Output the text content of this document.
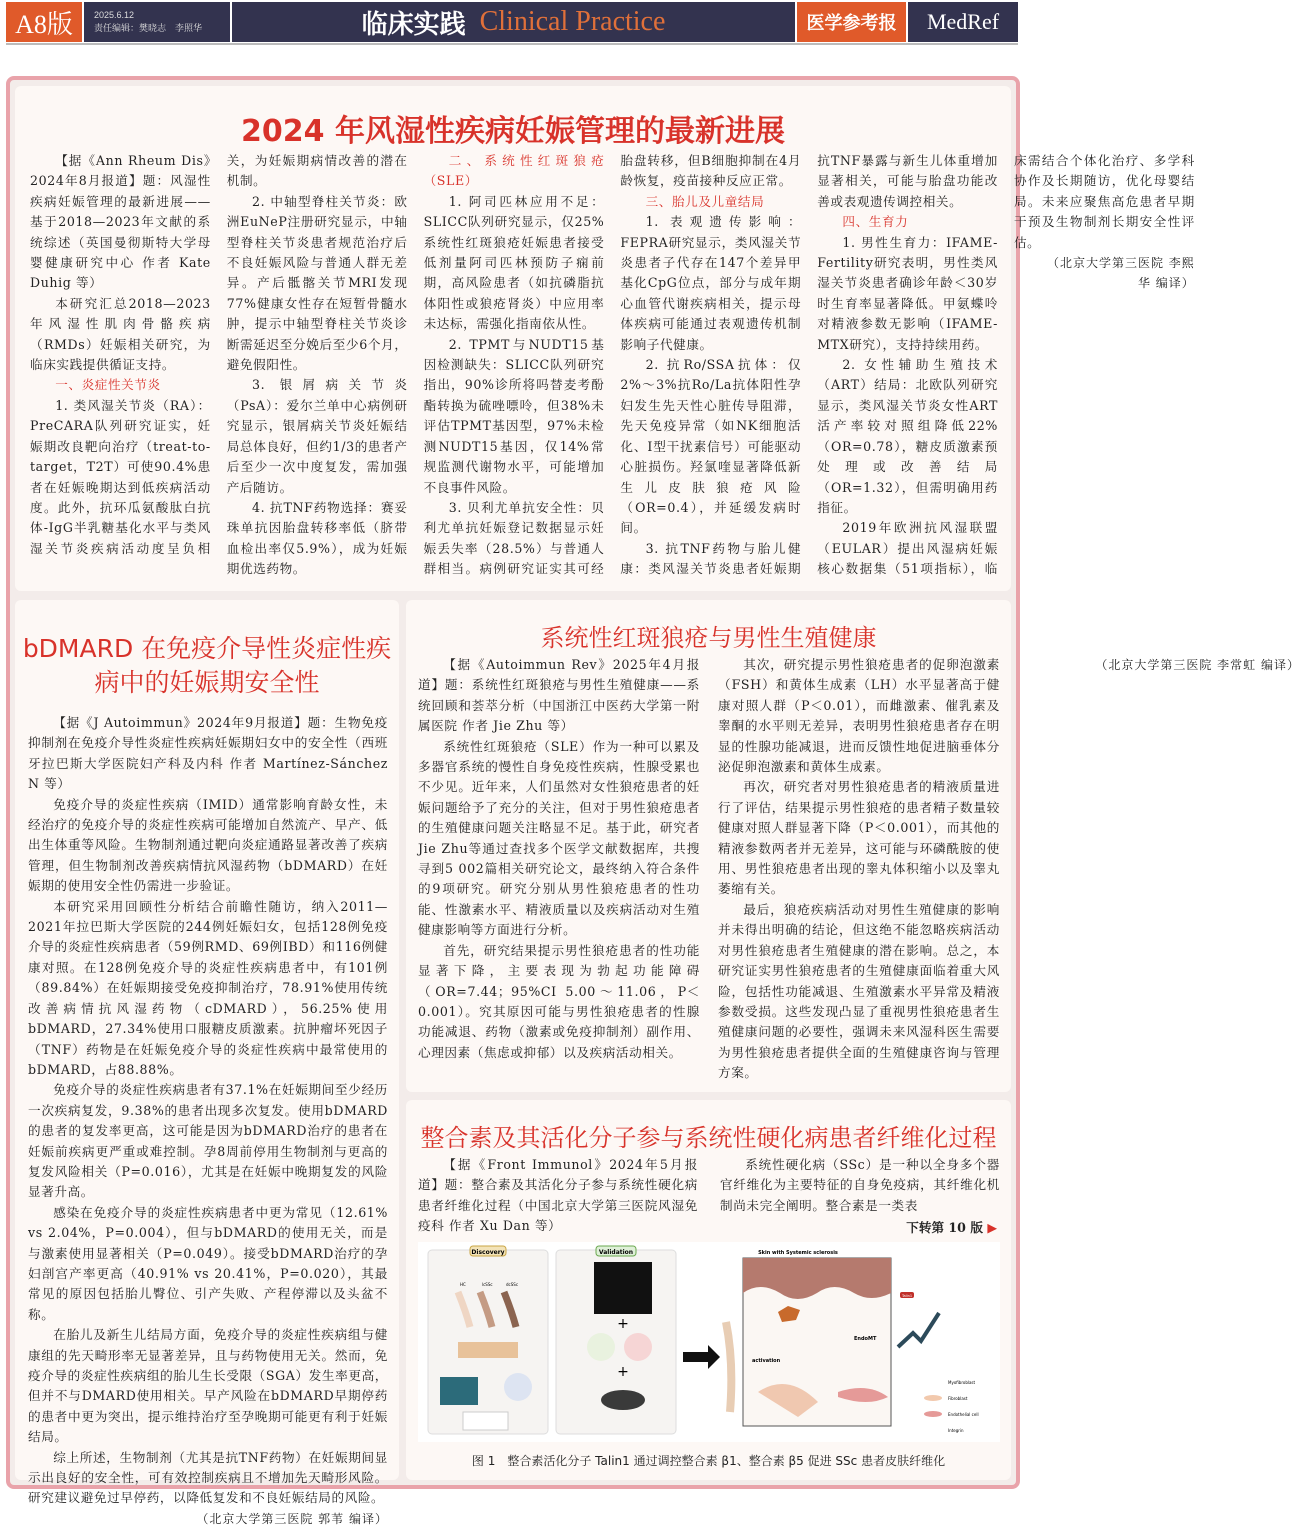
A8版	2025.6.12
责任编辑：樊晓志　李照华	临床实践 Clinical Practice	医学参考报	MedRef
2024 年风湿性疾病妊娠管理的最新进展

【据《Ann Rheum Dis》2024年8月报道】题：风湿性疾病妊娠管理的最新进展——基于2018—2023年文献的系统综述（英国曼彻斯特大学母婴健康研究中心 作者 Kate Duhig 等）

本研究汇总2018—2023年风湿性肌肉骨骼疾病（RMDs）妊娠相关研究，为临床实践提供循证支持。

一、炎症性关节炎

1. 类风湿关节炎（RA）：PreCARA队列研究证实，妊娠期改良靶向治疗（treat-to-target，T2T）可使90.4%患者在妊娠晚期达到低疾病活动度。此外，抗环瓜氨酸肽白抗体-IgG半乳糖基化水平与类风湿关节炎疾病活动度呈负相关，为妊娠期病情改善的潜在机制。

2. 中轴型脊柱关节炎：欧洲EuNeP注册研究显示，中轴型脊柱关节炎患者规范治疗后不良妊娠风险与普通人群无差异。产后骶髂关节MRI发现77%健康女性存在短暂骨髓水肿，提示中轴型脊柱关节炎诊断需延迟至分娩后至少6个月，避免假阳性。

3. 银屑病关节炎（PsA）：爱尔兰单中心病例研究显示，银屑病关节炎妊娠结局总体良好，但约1/3的患者产后至少一次中度复发，需加强产后随访。

4. 抗TNF药物选择：赛妥珠单抗因胎盘转移率低（脐带血检出率仅5.9%），成为妊娠期优选药物。

二、系统性红斑狼疮（SLE）

1. 阿司匹林应用不足：SLICC队列研究显示，仅25%系统性红斑狼疮妊娠患者接受低剂量阿司匹林预防子痫前期，高风险患者（如抗磷脂抗体阳性或狼疮肾炎）中应用率未达标，需强化指南依从性。

2. TPMT与NUDT15基因检测缺失：SLICC队列研究指出，90%诊所将吗替麦考酚酯转换为硫唑嘌呤，但38%未评估TPMT基因型，97%未检测NUDT15基因，仅14%常规监测代谢物水平，可能增加不良事件风险。

3. 贝利尤单抗安全性：贝利尤单抗妊娠登记数据显示妊娠丢失率（28.5%）与普通人群相当。病例研究证实其可经胎盘转移，但B细胞抑制在4月龄恢复，疫苗接种反应正常。

三、胎儿及儿童结局

1. 表观遗传影响：FEPRA研究显示，类风湿关节炎患者子代存在147个差异甲基化CpG位点，部分与成年期心血管代谢疾病相关，提示母体疾病可能通过表观遗传机制影响子代健康。

2. 抗Ro/SSA抗体：仅2%～3%抗Ro/La抗体阳性孕妇发生先天性心脏传导阻滞，先天免疫异常（如NK细胞活化、I型干扰素信号）可能驱动心脏损伤。羟氯喹显著降低新生儿皮肤狼疮风险（OR=0.4），并延缓发病时间。

3. 抗TNF药物与胎儿健康：类风湿关节炎患者妊娠期抗TNF暴露与新生儿体重增加显著相关，可能与胎盘功能改善或表观遗传调控相关。

四、生育力

1. 男性生育力：IFAME-Fertility研究表明，男性类风湿关节炎患者确诊年龄＜30岁时生育率显著降低。甲氨蝶呤对精液参数无影响（IFAME-MTX研究），支持持续用药。

2. 女性辅助生殖技术（ART）结局：北欧队列研究显示，类风湿关节炎女性ART活产率较对照组降低22%（OR=0.78），糖皮质激素预处理或改善结局（OR=1.32），但需明确用药指征。

2019年欧洲抗风湿联盟（EULAR）提出风湿病妊娠核心数据集（51项指标），临床需结合个体化治疗、多学科协作及长期随访，优化母婴结局。未来应聚焦高危患者早期干预及生物制剂长期安全性评估。

（北京大学第三医院 李熙华 编译）

bDMARD 在免疫介导性炎症性疾病中的妊娠期安全性

【据《J Autoimmun》2024年9月报道】题：生物免疫抑制剂在免疫介导性炎症性疾病妊娠期妇女中的安全性（西班牙拉巴斯大学医院妇产科及内科 作者 Martínez-Sánchez N 等）

免疫介导的炎症性疾病（IMID）通常影响育龄女性，未经治疗的免疫介导的炎症性疾病可能增加自然流产、早产、低出生体重等风险。生物制剂通过靶向炎症通路显著改善了疾病管理，但生物制剂改善疾病情抗风湿药物（bDMARD）在妊娠期的使用安全性仍需进一步验证。

本研究采用回顾性分析结合前瞻性随访，纳入2011—2021年拉巴斯大学医院的244例妊娠妇女，包括128例免疫介导的炎症性疾病患者（59例RMD、69例IBD）和116例健康对照。在128例免疫介导的炎症性疾病患者中，有101例（89.84%）在妊娠期接受免疫抑制治疗，78.91%使用传统改善病情抗风湿药物（cDMARD），56.25%使用bDMARD，27.34%使用口服糖皮质激素。抗肿瘤坏死因子（TNF）药物是在妊娠免疫介导的炎症性疾病中最常使用的bDMARD，占88.88%。

免疫介导的炎症性疾病患者有37.1%在妊娠期间至少经历一次疾病复发，9.38%的患者出现多次复发。使用bDMARD的患者的复发率更高，这可能是因为bDMARD治疗的患者在妊娠前疾病更严重或难控制。孕8周前停用生物制剂与更高的复发风险相关（P=0.016），尤其是在妊娠中晚期复发的风险显著升高。

感染在免疫介导的炎症性疾病患者中更为常见（12.61% vs 2.04%，P=0.004），但与bDMARD的使用无关，而是与激素使用显著相关（P=0.049）。接受bDMARD治疗的孕妇剖宫产率更高（40.91% vs 20.41%，P=0.020），其最常见的原因包括胎儿臀位、引产失败、产程停滞以及头盆不称。

在胎儿及新生儿结局方面，免疫介导的炎症性疾病组与健康组的先天畸形率无显著差异，且与药物使用无关。然而，免疫介导的炎症性疾病组的胎儿生长受限（SGA）发生率更高，但并不与DMARD使用相关。早产风险在bDMARD早期停药的患者中更为突出，提示维持治疗至孕晚期可能更有利于妊娠结局。

综上所述，生物制剂（尤其是抗TNF药物）在妊娠期间显示出良好的安全性，可有效控制疾病且不增加先天畸形风险。研究建议避免过早停药，以降低复发和不良妊娠结局的风险。

（北京大学第三医院 郭苇 编译）

系统性红斑狼疮与男性生殖健康

【据《Autoimmun Rev》2025年4月报道】题：系统性红斑狼疮与男性生殖健康——系统回顾和荟萃分析（中国浙江中医药大学第一附属医院 作者 Jie Zhu 等）

系统性红斑狼疮（SLE）作为一种可以累及多器官系统的慢性自身免疫性疾病，性腺受累也不少见。近年来，人们虽然对女性狼疮患者的妊娠问题给予了充分的关注，但对于男性狼疮患者的生殖健康问题关注略显不足。基于此，研究者Jie Zhu等通过查找多个医学文献数据库，共搜寻到5 002篇相关研究论文，最终纳入符合条件的9项研究。研究分别从男性狼疮患者的性功能、性激素水平、精液质量以及疾病活动对生殖健康影响等方面进行分析。

首先，研究结果提示男性狼疮患者的性功能显著下降，主要表现为勃起功能障碍（OR=7.44；95%CI 5.00～11.06，P＜0.001）。究其原因可能与男性狼疮患者的性腺功能减退、药物（激素或免疫抑制剂）副作用、心理因素（焦虑或抑郁）以及疾病活动相关。

其次，研究提示男性狼疮患者的促卵泡激素（FSH）和黄体生成素（LH）水平显著高于健康对照人群（P＜0.01），而雌激素、催乳素及睾酮的水平则无差异，表明男性狼疮患者存在明显的性腺功能减退，进而反馈性地促进脑垂体分泌促卵泡激素和黄体生成素。

再次，研究者对男性狼疮患者的精液质量进行了评估，结果提示男性狼疮的患者精子数量较健康对照人群显著下降（P＜0.001），而其他的精液参数两者并无差异，这可能与环磷酰胺的使用、男性狼疮患者出现的睾丸体积缩小以及睾丸萎缩有关。

最后，狼疮疾病活动对男性生殖健康的影响并未得出明确的结论，但这绝不能忽略疾病活动对男性狼疮患者生殖健康的潜在影响。总之，本研究证实男性狼疮患者的生殖健康面临着重大风险，包括性功能减退、生殖激素水平异常及精液参数受损。这些发现凸显了重视男性狼疮患者生殖健康问题的必要性，强调未来风湿科医生需要为男性狼疮患者提供全面的生殖健康咨询与管理方案。

（北京大学第三医院 李常虹 编译）

整合素及其活化分子参与系统性硬化病患者纤维化过程

【据《Front Immunol》2024年5月报道】题：整合素及其活化分子参与系统性硬化病患者纤维化过程（中国北京大学第三医院风湿免疫科 作者 Xu Dan 等）

系统性硬化病（SSc）是一种以全身多个器官纤维化为主要特征的自身免疫病，其纤维化机制尚未完全阐明。整合素是一类表

下转第 10 版 ▶
Discovery
HC	lcSSc	dcSSc
Validation
+
+
Skin with Systemic sclerosis
activation
EndoMT
Talin1
Myofibroblast
Fibroblast
Endothelial cell
Integrin
图 1　整合素活化分子 Talin1 通过调控整合素 β1、整合素 β5 促进 SSc 患者皮肤纤维化
